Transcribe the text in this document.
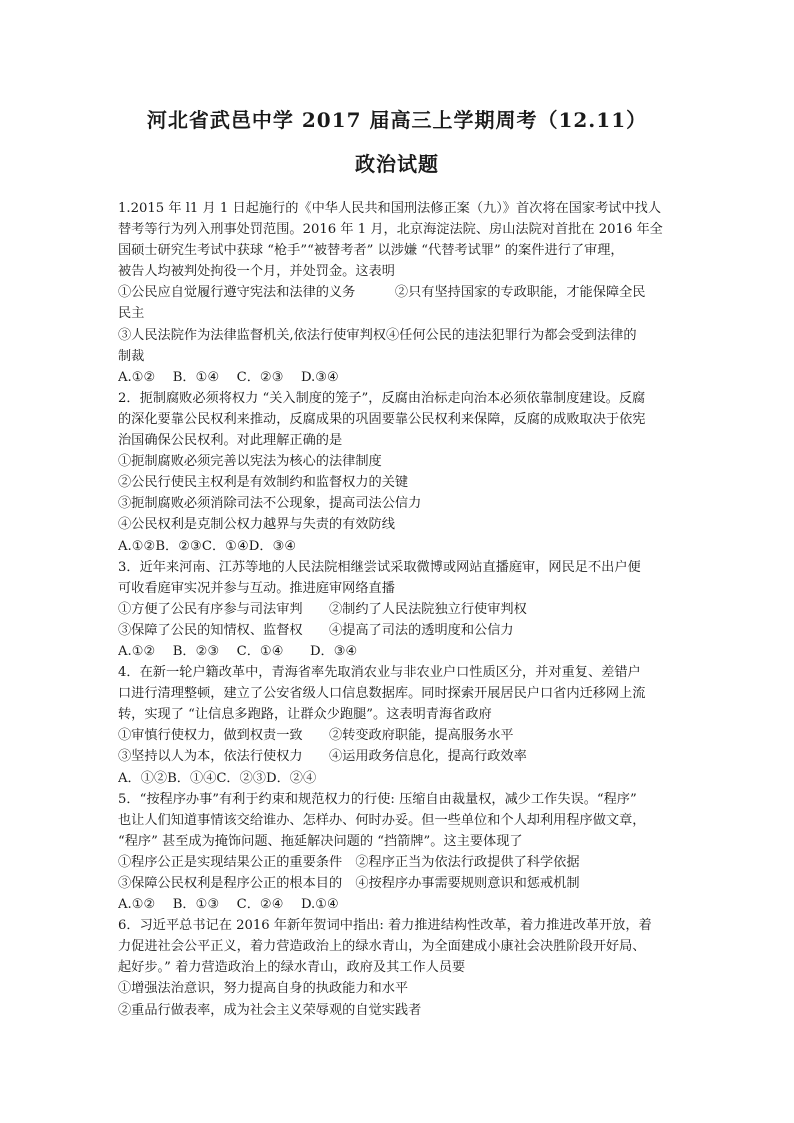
河北省武邑中学 2017 届高三上学期周考（12.11）
政治试题
1.2015 年 l1 月 1 日起施行的《中华人民共和国刑法修正案（九）》首次将在国家考试中找人
替考等行为列入刑事处罚范围。2016 年 1 月，北京海淀法院、房山法院对首批在 2016 年全
国硕士研究生考试中获球 “枪手”“被替考者” 以涉嫌 “代替考试罪” 的案件进行了审理，
被告人均被判处拘役一个月，并处罚金。这表明
①公民应自觉履行遵守宪法和法律的义务　　　②只有坚持国家的专政职能，才能保障全民
民主
③人民法院作为法律监督机关,依法行使审判权④任何公民的违法犯罪行为都会受到法律的
制裁
A.①②　 B．①④　 C．②③　 D.③④
2．扼制腐败必须将权力 “关入制度的笼子”，反腐由治标走向治本必须依靠制度建设。反腐
的深化要靠公民权利来推动，反腐成果的巩固要靠公民权利来保障，反腐的成败取决于依宪
治国确保公民权利。对此理解正确的是
①扼制腐败必须完善以宪法为核心的法律制度
②公民行使民主权利是有效制约和监督权力的关键
③扼制腐败必须消除司法不公现象，提高司法公信力
④公民权利是克制公权力越界与失责的有效防线
A.①②B．②③C．①④D．③④
3．近年来河南、江苏等地的人民法院相继尝试采取微博或网站直播庭审，网民足不出户便
可收看庭审实况并参与互动。推进庭审网络直播
①方便了公民有序参与司法审判　　②制约了人民法院独立行使审判权
③保障了公民的知情权、监督权　　④提高了司法的透明度和公信力
A.①②　 B．②③　 C．①④　　D．③④
4．在新一轮户籍改革中，青海省率先取消农业与非农业户口性质区分，并对重复、差错户
口进行清理整顿，建立了公安省级人口信息数据库。同时探索开展居民户口省内迁移网上流
转，实现了 “让信息多跑路，让群众少跑腿”。这表明青海省政府
①审慎行使权力，做到权责一致　　②转变政府职能，提高服务水平
③坚持以人为本，依法行使权力　　④运用政务信息化，提高行政效率
A．①②B．①④C．②③D．②④
5．“按程序办事”有利于约束和规范权力的行使: 压缩自由裁量权，减少工作失误。“程序”
也让人们知道事情该交给谁办、怎样办、何时办妥。但一些单位和个人却利用程序做文章，
“程序” 甚至成为掩饰问题、拖延解决问题的 “挡箭牌”。这主要体现了
①程序公正是实现结果公正的重要条件　②程序正当为依法行政提供了科学依据
③保障公民权利是程序公正的根本目的　④按程序办事需要规则意识和惩戒机制
A.①②　 B．①③　 C．②④　 D.①④
6．习近平总书记在 2016 年新年贺词中指出: 着力推进结构性改革，着力推进改革开放，着
力促进社会公平正义，着力营造政治上的绿水青山，为全面建成小康社会决胜阶段开好局、
起好步。” 着力营造政治上的绿水青山，政府及其工作人员要
①增强法治意识，努力提高自身的执政能力和水平
②重品行做表率，成为社会主义荣辱观的自觉实践者
